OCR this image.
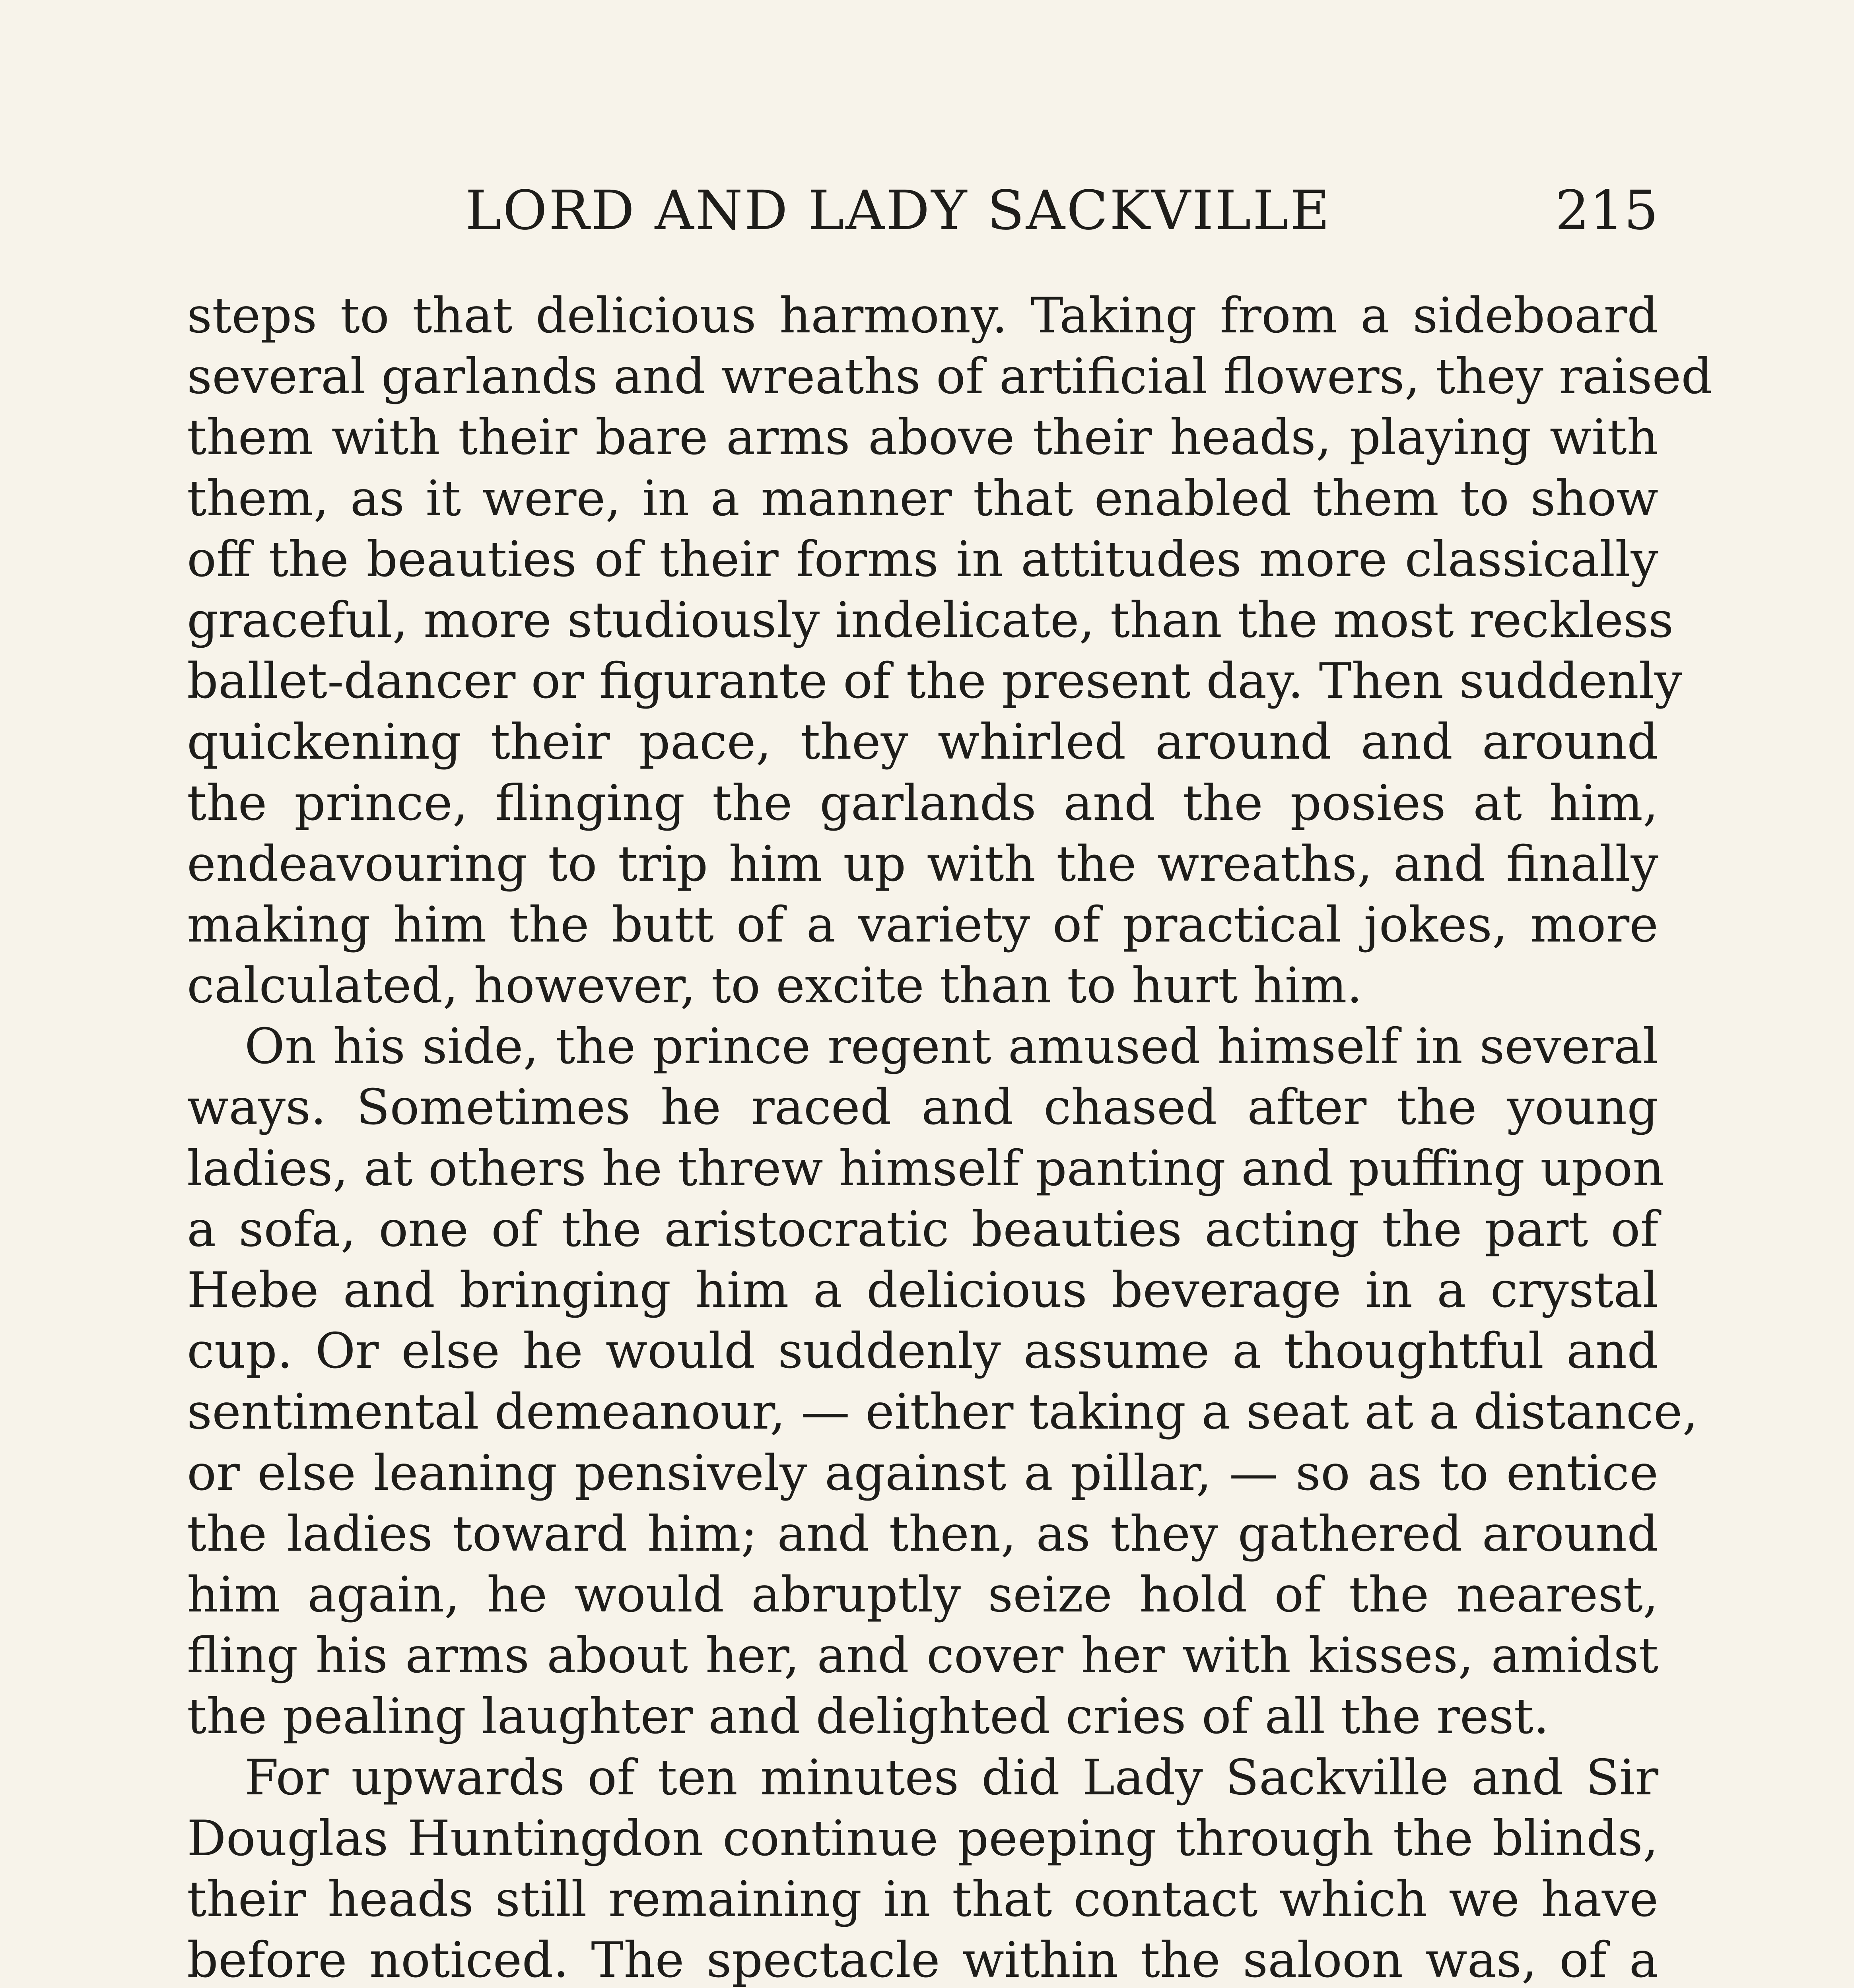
LORD AND LADY SACKVILLE	215
steps to that delicious harmony. Taking from a sideboard
several garlands and wreaths of artificial flowers, they raised
them with their bare arms above their heads, playing with
them, as it were, in a manner that enabled them to show
off the beauties of their forms in attitudes more classically
graceful, more studiously indelicate, than the most reckless
ballet-dancer or figurante of the present day. Then suddenly
quickening their pace, they whirled around and around
the prince, flinging the garlands and the posies at him,
endeavouring to trip him up with the wreaths, and finally
making him the butt of a variety of practical jokes, more
calculated, however, to excite than to hurt him.
On his side, the prince regent amused himself in several
ways. Sometimes he raced and chased after the young
ladies, at others he threw himself panting and puffing upon
a sofa, one of the aristocratic beauties acting the part of
Hebe and bringing him a delicious beverage in a crystal
cup. Or else he would suddenly assume a thoughtful and
sentimental demeanour, — either taking a seat at a distance,
or else leaning pensively against a pillar, — so as to entice
the ladies toward him; and then, as they gathered around
him again, he would abruptly seize hold of the nearest,
fling his arms about her, and cover her with kisses, amidst
the pealing laughter and delighted cries of all the rest.
For upwards of ten minutes did Lady Sackville and Sir
Douglas Huntingdon continue peeping through the blinds,
their heads still remaining in that contact which we have
before noticed. The spectacle within the saloon was, of a
